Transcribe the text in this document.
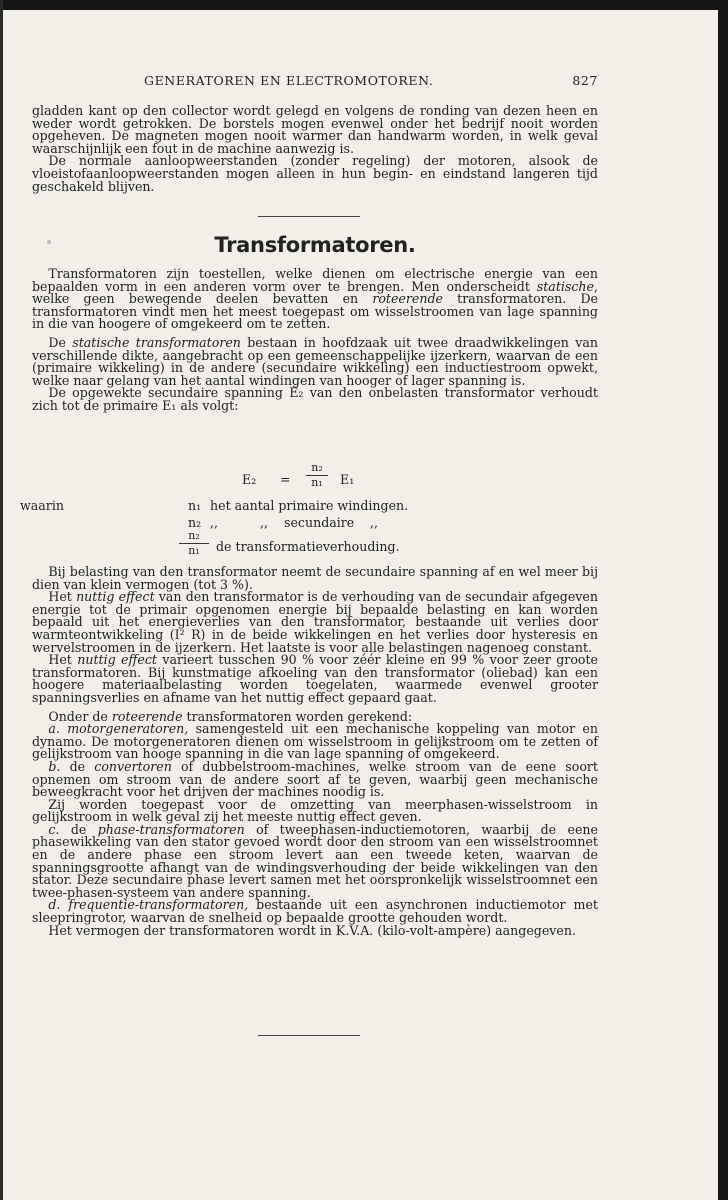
GENERATOREN EN ELECTROMOTOREN.	827

gladden kant op den collector wordt gelegd en volgens de ronding van dezen heen en weder wordt getrokken. De borstels mogen evenwel onder het bedrijf nooit worden opgeheven. De magneten mogen nooit warmer dan handwarm worden, in welk geval waarschijnlijk een fout in de machine aanwezig is.

De normale aanloopweerstanden (zonder regeling) der motoren, alsook de vloeistofaanloopweerstanden mogen alleen in hun begin- en eindstand langeren tijd geschakeld blijven.

Transformatoren.

Transformatoren zijn toestellen, welke dienen om electrische energie van een bepaalden vorm in een anderen vorm over te brengen. Men onderscheidt statische, welke geen bewegende deelen bevatten en roteerende transformatoren. De transformatoren vindt men het meest toegepast om wisselstroomen van lage spanning in die van hoogere of omgekeerd om te zetten.

De statische transformatoren bestaan in hoofdzaak uit twee draadwikkelingen van verschillende dikte, aangebracht op een gemeenschappelijke ijzerkern, waarvan de een (primaire wikkeling) in de andere (secundaire wikkeling) een inductiestroom opwekt, welke naar gelang van het aantal windingen van hooger of lager spanning is.

De opgewekte secundaire spanning E₂ van den onbelasten transformator verhoudt zich tot de primaire E₁ als volgt:

E₂ =
n₂
n₁ E₁
waarin	n₁ het aantal primaire windingen.
n₂ ,,	,, secundaire ,,
n₂
n₁ de transformatieverhouding.

Bij belasting van den transformator neemt de secundaire spanning af en wel meer bij dien van klein vermogen (tot 3 %).

Het nuttig effect van den transformator is de verhouding van de secundair afgegeven energie tot de primair opgenomen energie bij bepaalde belasting en kan worden bepaald uit het energieverlies van den transformator, bestaande uit verlies door warmteontwikkeling (I² R) in de beide wikkelingen en het verlies door hysteresis en wervelstroomen in de ijzerkern. Het laatste is voor alle belastingen nagenoeg constant.

Het nuttig effect varieert tusschen 90 % voor zéér kleine en 99 % voor zeer groote transformatoren. Bij kunstmatige afkoeling van den transformator (oliebad) kan een hoogere materiaalbelasting worden toegelaten, waarmede evenwel grooter spanningsverlies en afname van het nuttig effect gepaard gaat.

Onder de roteerende transformatoren worden gerekend:

a. motorgeneratoren, samengesteld uit een mechanische koppeling van motor en dynamo. De motorgeneratoren dienen om wisselstroom in gelijkstroom om te zetten of gelijkstroom van hooge spanning in die van lage spanning of omgekeerd.

b. de convertoren of dubbelstroom-machines, welke stroom van de eene soort opnemen om stroom van de andere soort af te geven, waarbij geen mechanische beweegkracht voor het drijven der machines noodig is.

Zij worden toegepast voor de omzetting van meerphasen-wisselstroom in gelijkstroom in welk geval zij het meeste nuttig effect geven.

c. de phase-transformatoren of tweephasen-inductiemotoren, waarbij de eene phasewikkeling van den stator gevoed wordt door den stroom van een wisselstroomnet en de andere phase een stroom levert aan een tweede keten, waarvan de spanningsgrootte afhangt van de windingsverhouding der beide wikkelingen van den stator. Deze secundaire phase levert samen met het oorspronkelijk wisselstroomnet een twee-phasen-systeem van andere spanning.

d. frequentie-transformatoren, bestaande uit een asynchronen inductiemotor met sleepringrotor, waarvan de snelheid op bepaalde grootte gehouden wordt.

Het vermogen der transformatoren wordt in K.V.A. (kilo-volt-ampère) aangegeven.
